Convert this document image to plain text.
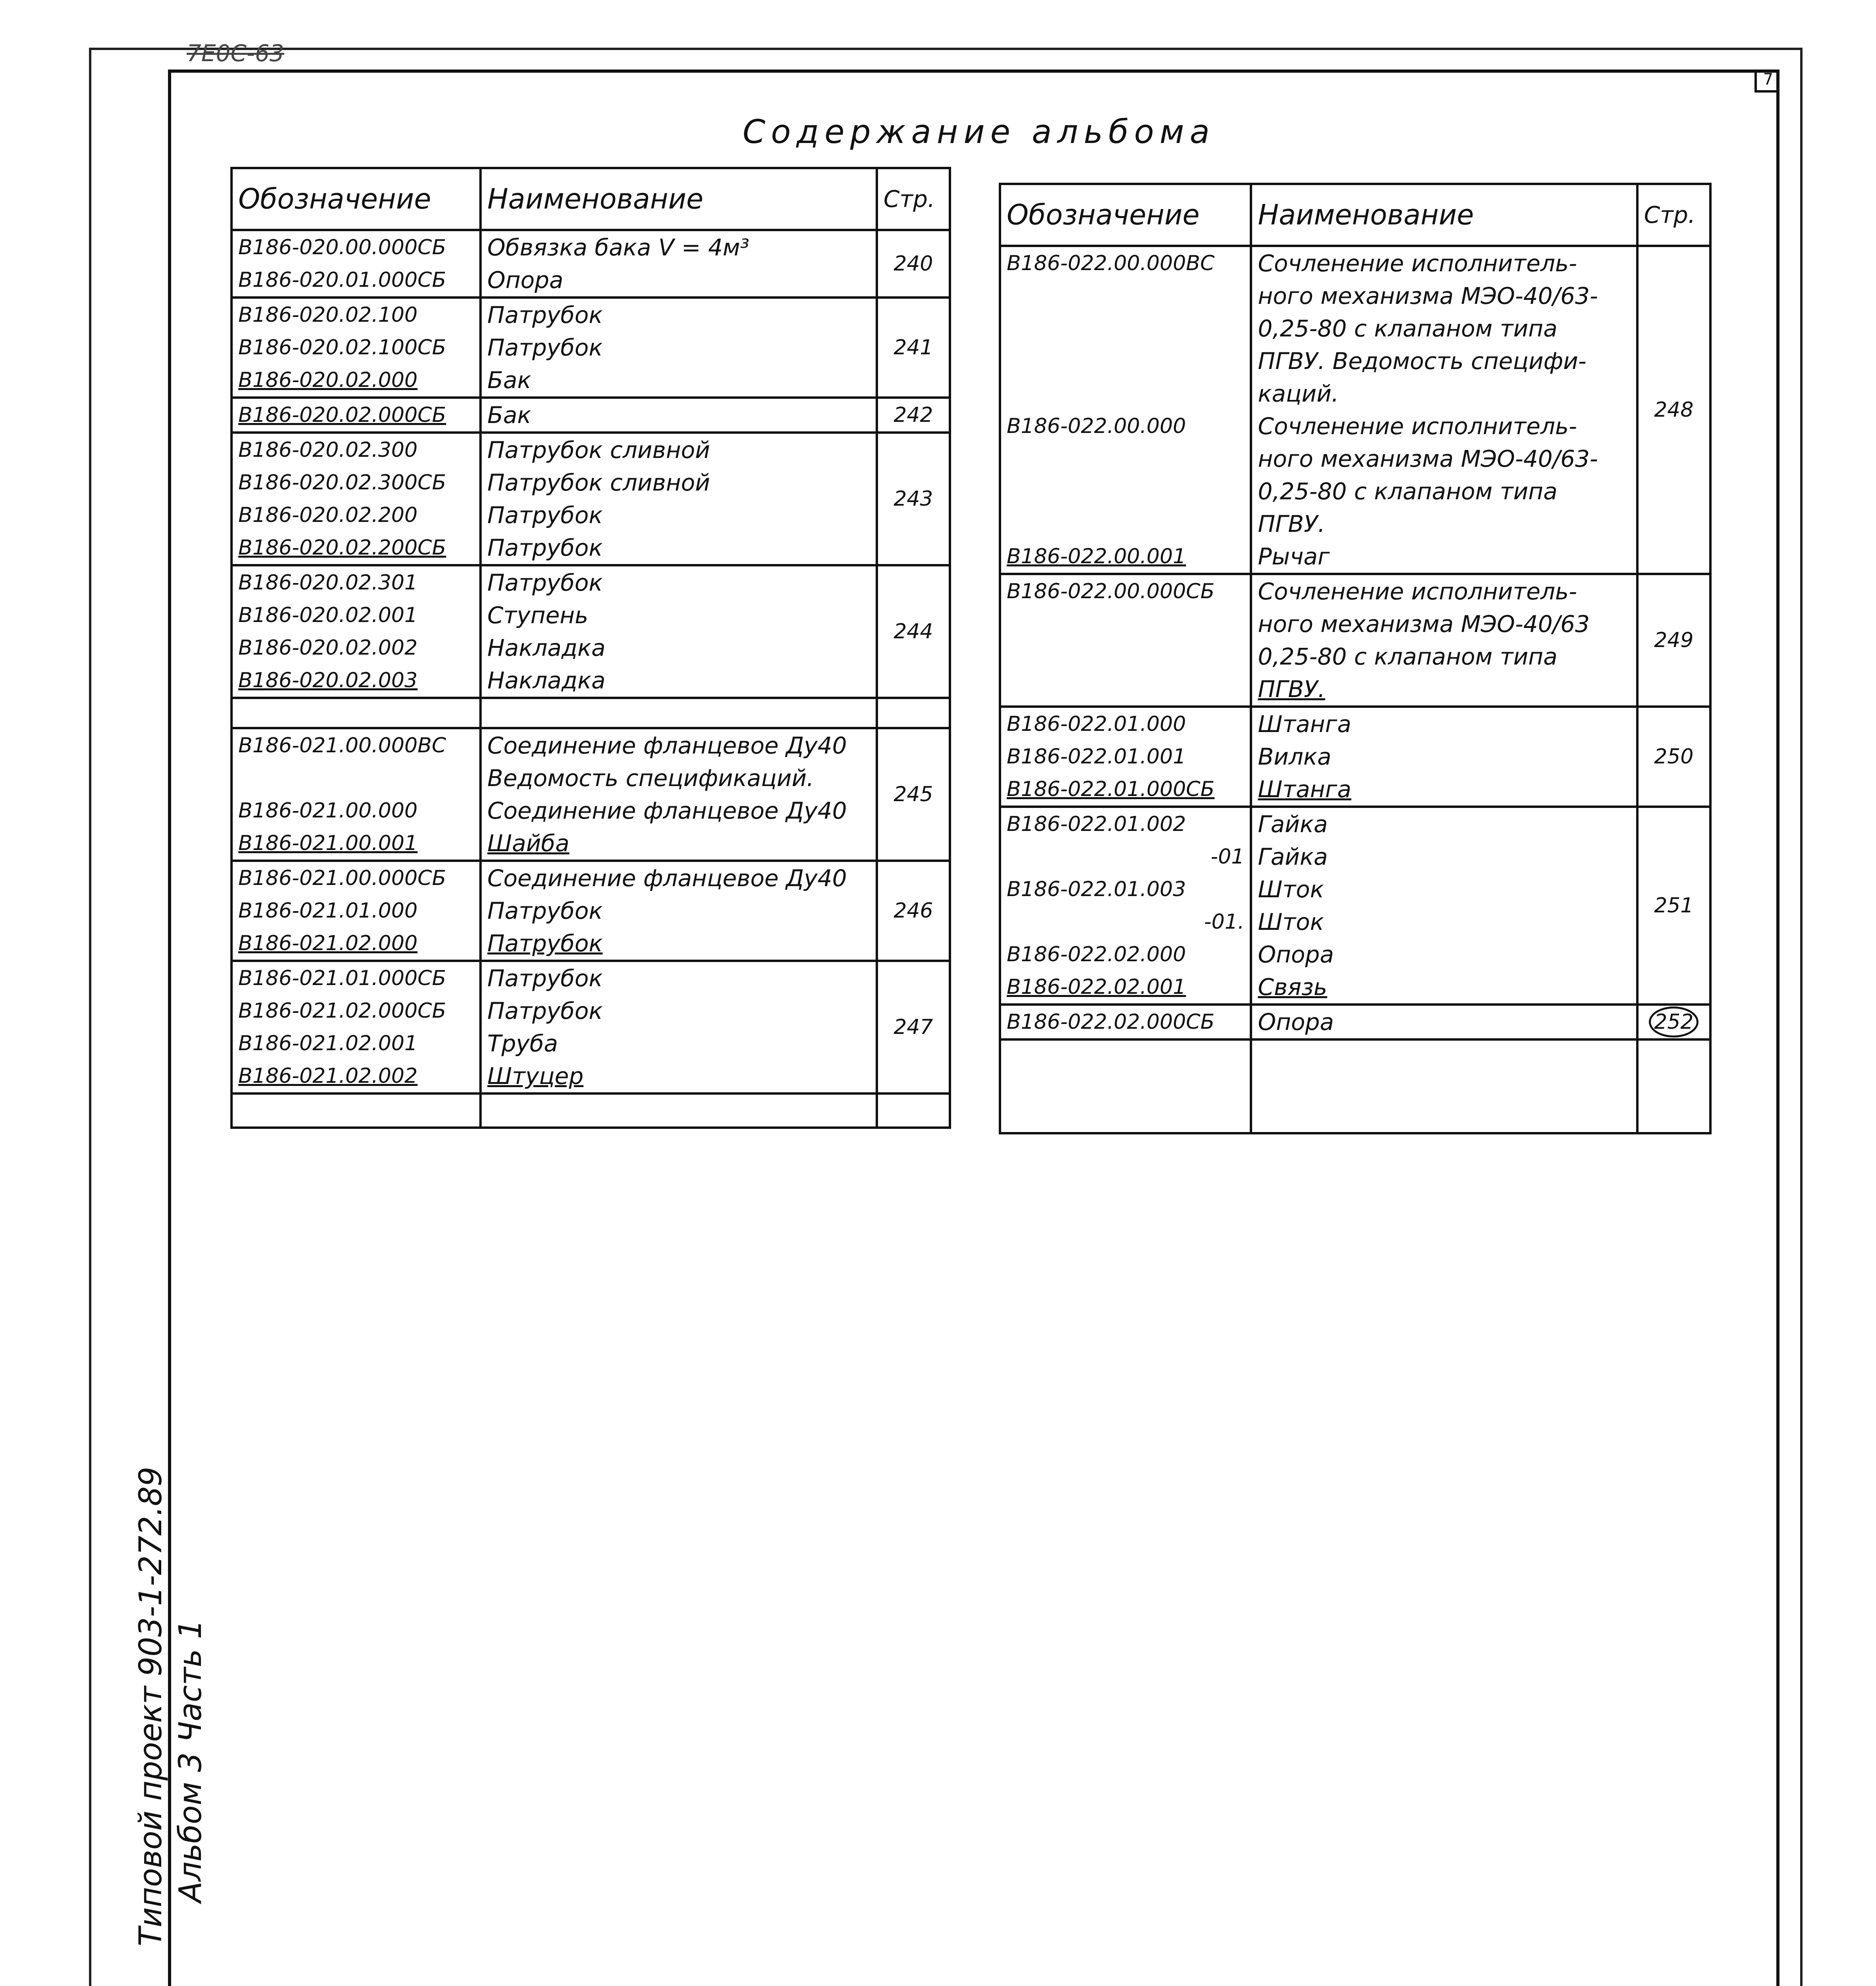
7E0C-63
7
Содержание альбома
Типовой проект 903-1-272.89 Альбом 3 Часть 1
Обозначение	Наименование	Стр.
В186-020.00.000СБ	Обвязка бака V = 4м³	240
В186-020.01.000СБ	Опора	
В186-020.02.100	Патрубок	241
В186-020.02.100СБ	Патрубок	
В186-020.02.000	Бак	
В186-020.02.000СБ	Бак	242
В186-020.02.300	Патрубок сливной	243
В186-020.02.300СБ	Патрубок сливной	
В186-020.02.200	Патрубок	
В186-020.02.200СБ	Патрубок	
В186-020.02.301	Патрубок	244
В186-020.02.001	Ступень	
В186-020.02.002	Накладка	
В186-020.02.003	Накладка	

В186-021.00.000ВС	Соединение фланцевое Ду40	245
	Ведомость спецификаций.	
В186-021.00.000	Соединение фланцевое Ду40	
В186-021.00.001	Шайба	
В186-021.00.000СБ	Соединение фланцевое Ду40	246
В186-021.01.000	Патрубок	
В186-021.02.000	Патрубок	
В186-021.01.000СБ	Патрубок	247
В186-021.02.000СБ	Патрубок	
В186-021.02.001	Труба	
В186-021.02.002	Штуцер	

Обозначение	Наименование	Стр.
В186-022.00.000ВС	Сочленение исполнитель-	248
	ного механизма МЭО-40/63-	
	0,25-80 с клапаном типа	
	ПГВУ. Ведомость специфи-	
	каций.	
В186-022.00.000	Сочленение исполнитель-	
	ного механизма МЭО-40/63-	
	0,25-80 с клапаном типа	
	ПГВУ.	
В186-022.00.001	Рычаг	
В186-022.00.000СБ	Сочленение исполнитель-	249
	ного механизма МЭО-40/63	
	0,25-80 с клапаном типа	
	ПГВУ.	
В186-022.01.000	Штанга	250
В186-022.01.001	Вилка	
В186-022.01.000СБ	Штанга	
В186-022.01.002	Гайка	251
-01	Гайка	
В186-022.01.003	Шток	
-01.	Шток	
В186-022.02.000	Опора	
В186-022.02.001	Связь	
В186-022.02.000СБ	Опора	252
